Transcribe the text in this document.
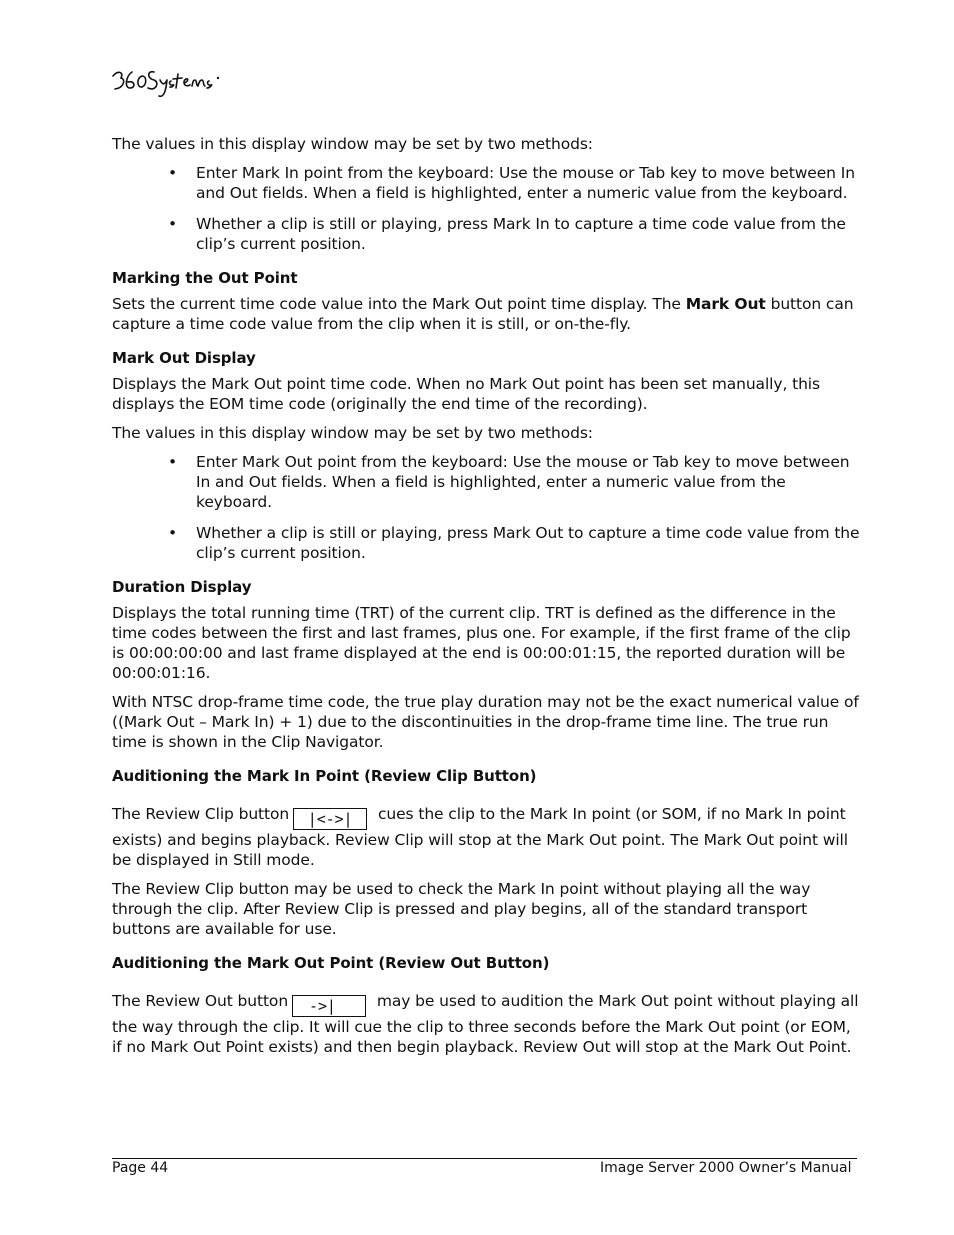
The values in this display window may be set by two methods:

• Enter Mark In point from the keyboard: Use the mouse or Tab key to move between In and Out fields. When a field is highlighted, enter a numeric value from the keyboard.
• Whether a clip is still or playing, press Mark In to capture a time code value from the clip’s current position.
Marking the Out Point

Sets the current time code value into the Mark Out point time display. The Mark Out button can capture a time code value from the clip when it is still, or on-the-fly.

Mark Out Display

Displays the Mark Out point time code. When no Mark Out point has been set manually, this displays the EOM time code (originally the end time of the recording).

The values in this display window may be set by two methods:

• Enter Mark Out point from the keyboard: Use the mouse or Tab key to move between In and Out fields. When a field is highlighted, enter a numeric value from the keyboard.
• Whether a clip is still or playing, press Mark Out to capture a time code value from the clip’s current position.
Duration Display

Displays the total running time (TRT) of the current clip. TRT is defined as the difference in the time codes between the first and last frames, plus one. For example, if the first frame of the clip is 00:00:00:00 and last frame displayed at the end is 00:00:01:15, the reported duration will be 00:00:01:16.

With NTSC drop-frame time code, the true play duration may not be the exact numerical value of ((Mark Out – Mark In) + 1) due to the discontinuities in the drop-frame time line. The true run time is shown in the Clip Navigator.

Auditioning the Mark In Point (Review Clip Button)

The Review Clip button |<->| cues the clip to the Mark In point (or SOM, if no Mark In point exists) and begins playback. Review Clip will stop at the Mark Out point. The Mark Out point will be displayed in Still mode.

The Review Clip button may be used to check the Mark In point without playing all the way through the clip. After Review Clip is pressed and play begins, all of the standard transport buttons are available for use.

Auditioning the Mark Out Point (Review Out Button)

The Review Out button ->| may be used to audition the Mark Out point without playing all the way through the clip. It will cue the clip to three seconds before the Mark Out point (or EOM, if no Mark Out Point exists) and then begin playback. Review Out will stop at the Mark Out Point.

Page 44	Image Server 2000 Owner’s Manual
